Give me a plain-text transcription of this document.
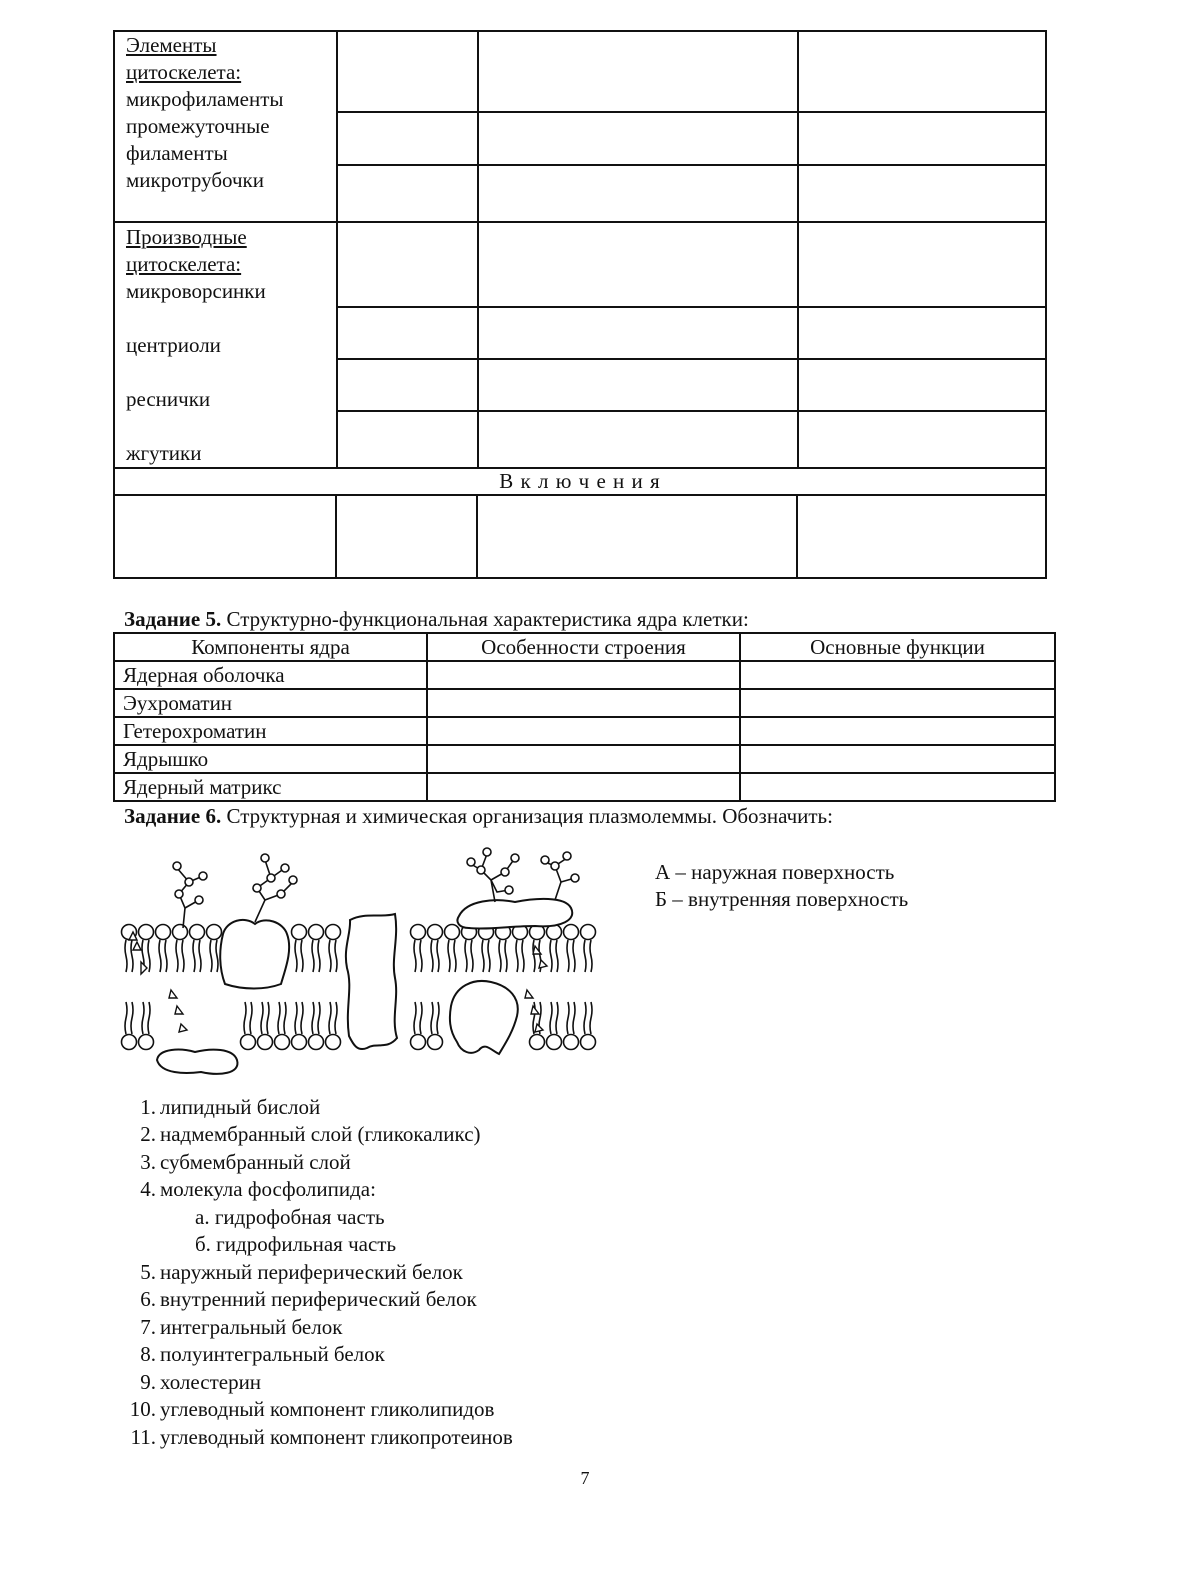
Элементы
цитоскелета:
микрофиламенты
промежуточные
филаменты
микротрубочки
Производные
цитоскелета:
микроворсинки
центриоли
реснички
жгутики
В к л ю ч е н и я
Задание 5. Структурно-функциональная характеристика ядра клетки:
Компоненты ядра	Особенности строения	Основные функции
Ядерная оболочка
Эухроматин
Гетерохроматин
Ядрышко
Ядерный матрикс
Задание 6. Структурная и химическая организация плазмолеммы. Обозначить:
А – наружная поверхность
Б – внутренняя поверхность
1. липидный бислой
2. надмембранный слой (гликокаликс)
3. субмембранный слой
4. молекула фосфолипида:
а. гидрофобная часть
б. гидрофильная часть
5. наружный периферический белок
6. внутренний периферический белок
7. интегральный белок
8. полуинтегральный белок
9. холестерин
10. углеводный компонент гликолипидов
11. углеводный компонент гликопротеинов
7
